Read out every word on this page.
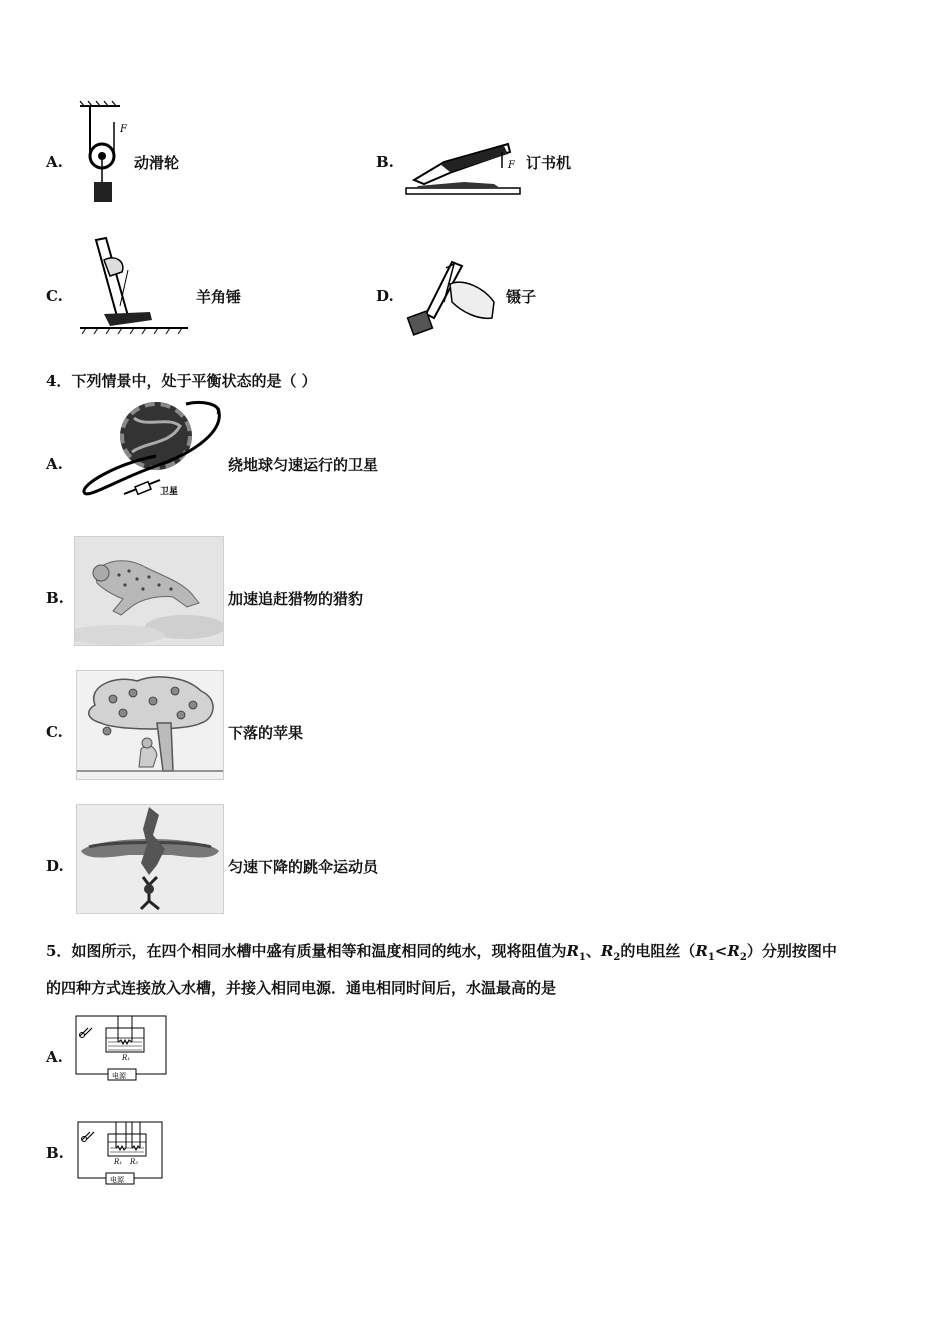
A.
F
动滑轮	B.	F 订书机
C.	羊角锤	D.	镊子
4．下列情景中，处于平衡状态的是（ ）
A.
卫星
绕地球匀速运行的卫星
B.	加速追赶猎物的猎豹
C.	下落的苹果
D.	匀速下降的跳伞运动员
5．如图所示，在四个相同水槽中盛有质量相等和温度相同的纯水，现将阻值为$R_1$、$R_2$的电阻丝$(R_1<R_2)$分别按图中
的四种方式连接放入水槽，并接入相同电源．通电相同时间后，水温最高的是
A.	R₁
电源
B.	R₁ R₂
电源
